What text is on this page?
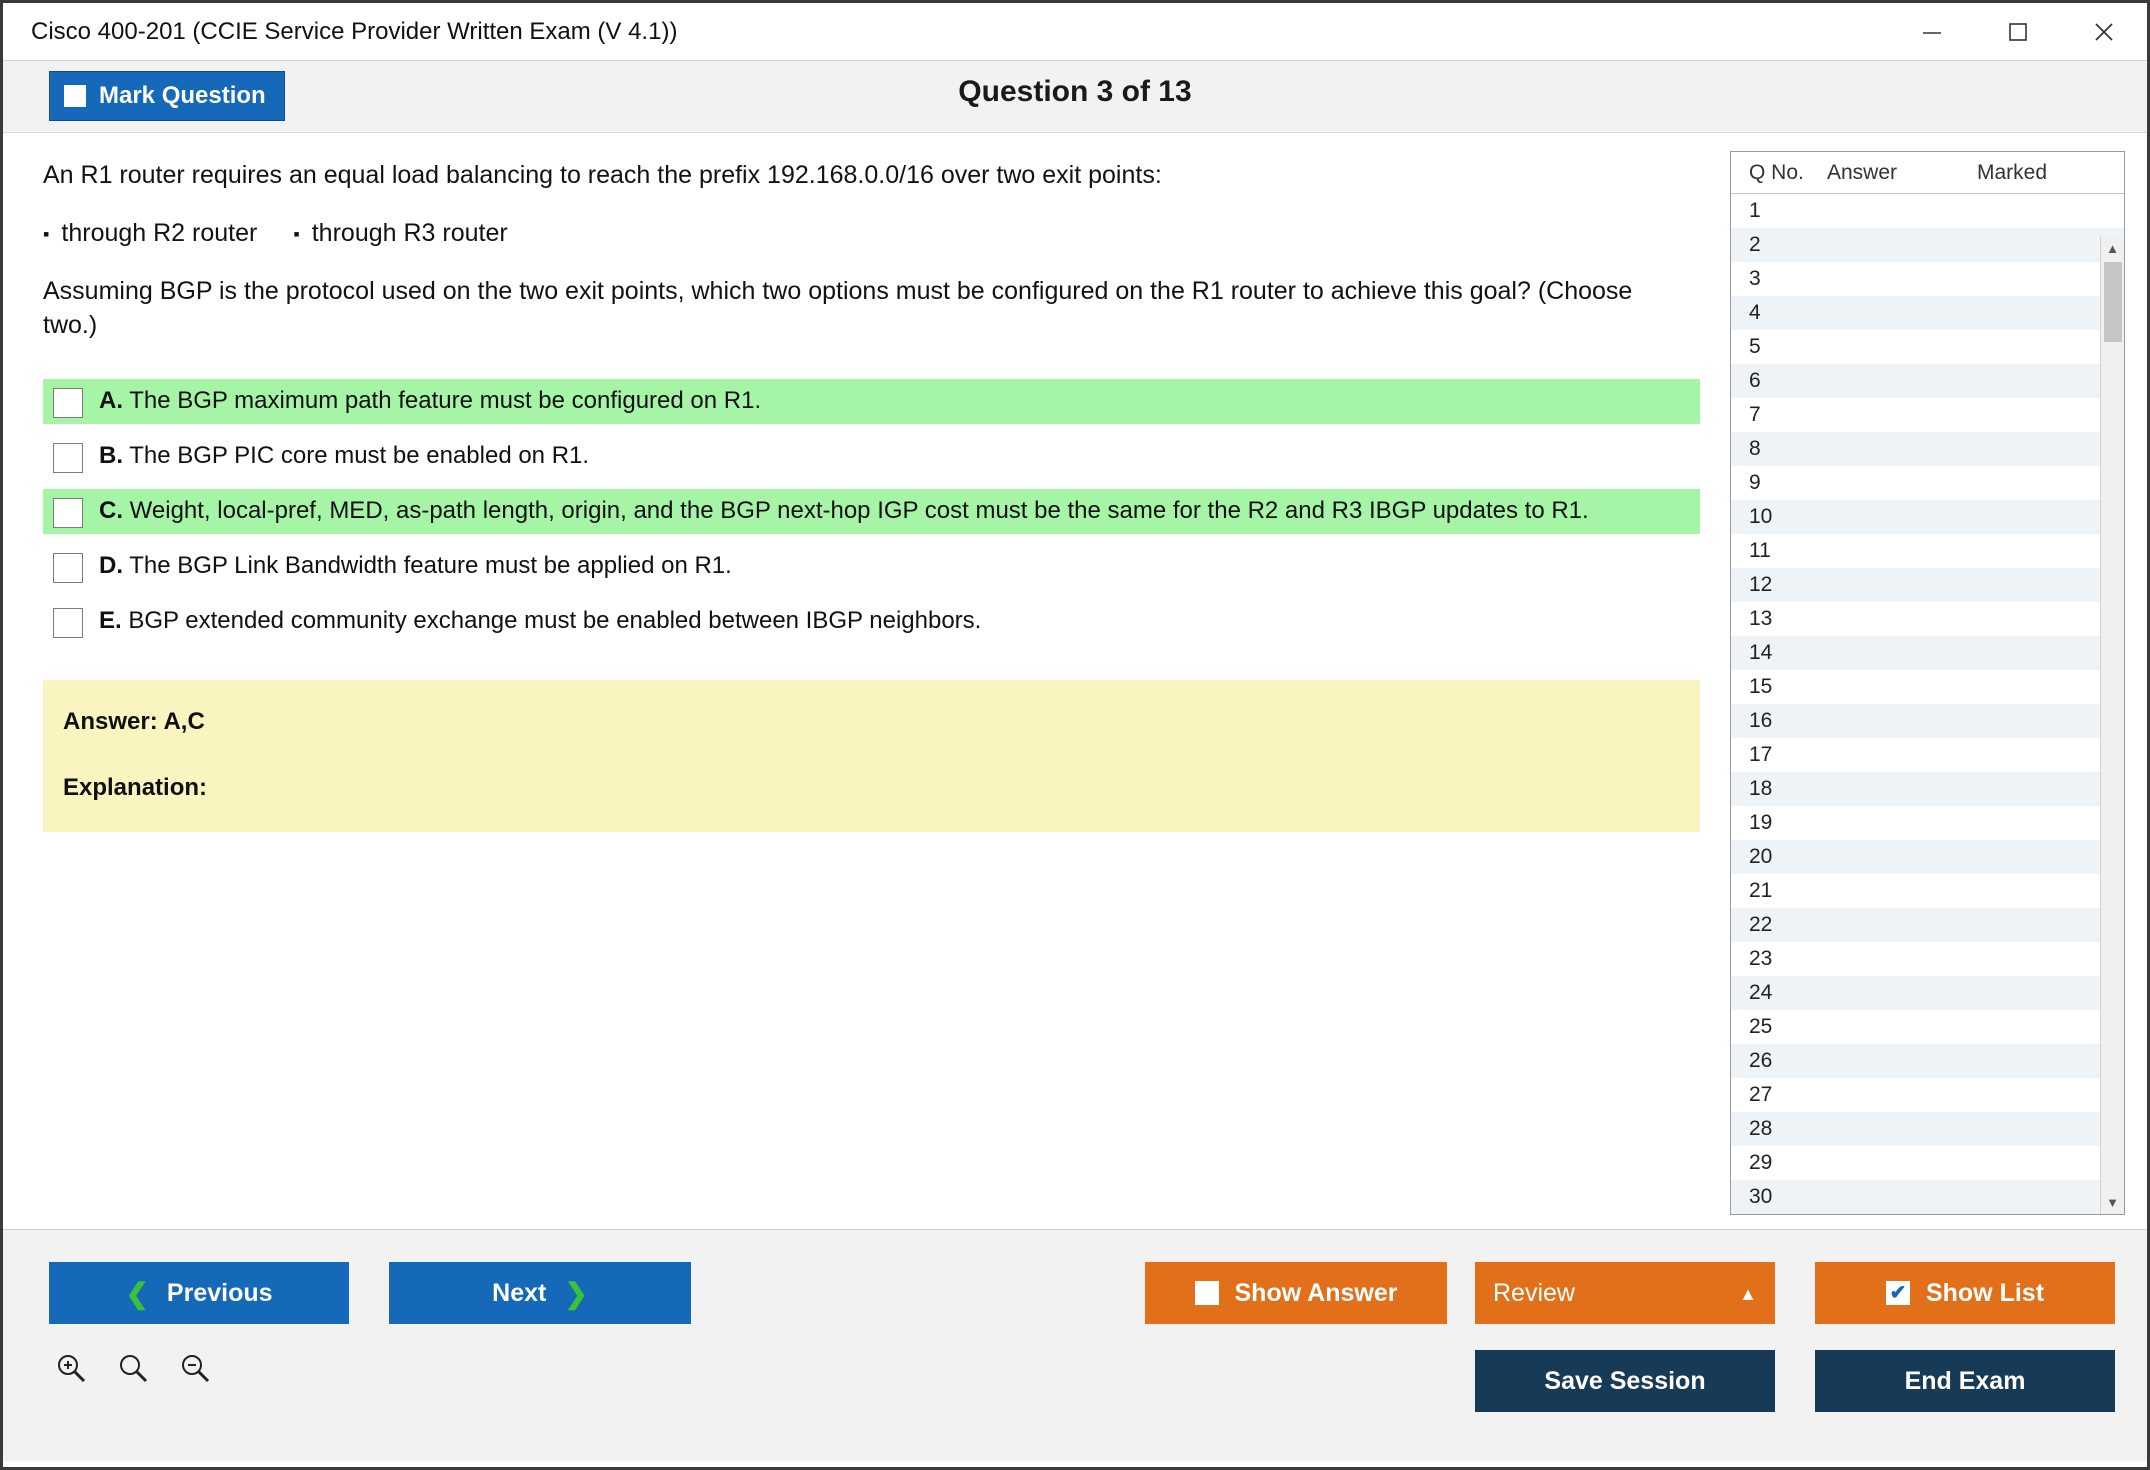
Cisco 400-201 (CCIE Service Provider Written Exam (V 4.1))
Mark Question	Question 3 of 13
An R1 router requires an equal load balancing to reach the prefix 192.168.0.0/16 over two exit points:
▪ through R2 router	▪ through R3 router
Assuming BGP is the protocol used on the two exit points, which two options must be configured on the R1 router to achieve this goal? (Choose two.)
A. The BGP maximum path feature must be configured on R1.
B. The BGP PIC core must be enabled on R1.
C. Weight, local-pref, MED, as-path length, origin, and the BGP next-hop IGP cost must be the same for the R2 and R3 IBGP updates to R1.
D. The BGP Link Bandwidth feature must be applied on R1.
E. BGP extended community exchange must be enabled between IBGP neighbors.
Answer: A,C
Explanation:
Q No.	Answer	Marked
1
2
3
4
5
6
7
8
9
10
11
12
13
14
15
16
17
18
19
20
21
22
23
24
25
26
27
28
29
30
▲
▼
❮ Previous	Next ❯	Show Answer	Review	▲	✔ Show List
Save Session	End Exam
